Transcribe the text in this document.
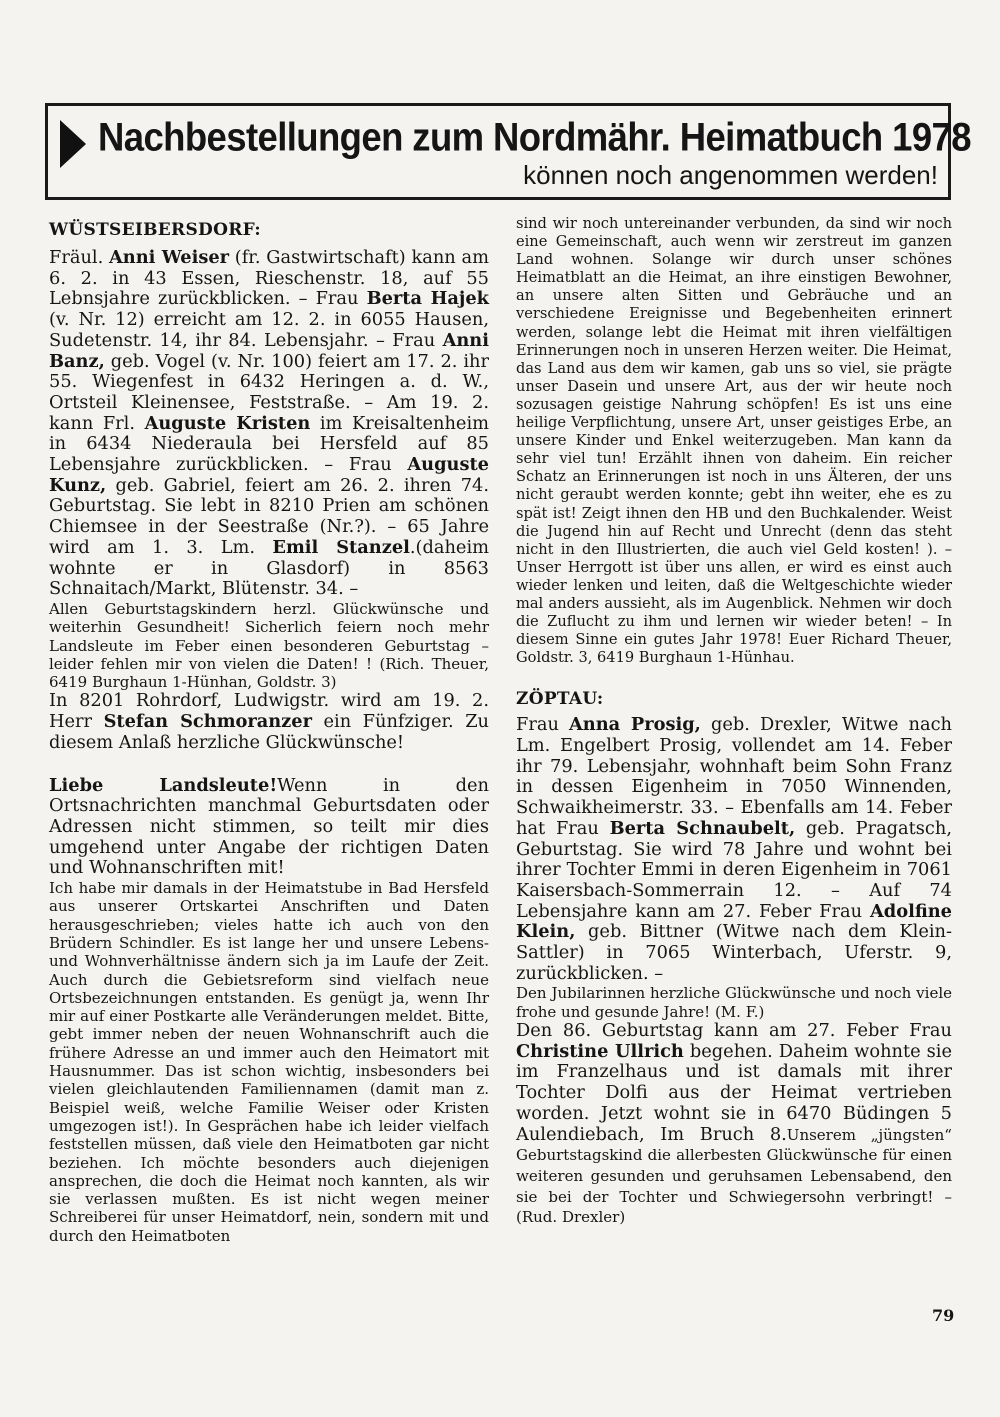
Nachbestellungen zum Nordmähr. Heimatbuch 1978
können noch angenommen werden!
WÜSTSEIBERSDORF:

Fräul. Anni Weiser (fr. Gastwirtschaft) kann am 6. 2. in 43 Essen, Rieschenstr. 18, auf 55 Lebnsjahre zurückblicken. – Frau Berta Hajek (v. Nr. 12) erreicht am 12. 2. in 6055 Hausen, Sudetenstr. 14, ihr 84. Lebensjahr. – Frau Anni Banz, geb. Vogel (v. Nr. 100) feiert am 17. 2. ihr 55. Wiegenfest in 6432 Heringen a. d. W., Ortsteil Kleinensee, Feststraße. – Am 19. 2. kann Frl. Auguste Kristen im Kreisaltenheim in 6434 Niederaula bei Hersfeld auf 85 Lebensjahre zurückblicken. – Frau Auguste Kunz, geb. Gabriel, feiert am 26. 2. ihren 74. Geburtstag. Sie lebt in 8210 Prien am schönen Chiemsee in der Seestraße (Nr.?). – 65 Jahre wird am 1. 3. Lm. Emil Stanzel.(daheim wohnte er in Glasdorf) in 8563 Schnaitach/Markt, Blütenstr. 34. –

Allen Geburtstagskindern herzl. Glückwünsche und weiterhin Gesundheit! Sicherlich feiern noch mehr Landsleute im Feber einen besonderen Geburtstag – leider fehlen mir von vielen die Daten! ! (Rich. Theuer, 6419 Burghaun 1-Hünhan, Goldstr. 3)

In 8201 Rohrdorf, Ludwigstr. wird am 19. 2. Herr Stefan Schmoranzer ein Fünfziger. Zu diesem Anlaß herzliche Glückwünsche!

Liebe Landsleute!Wenn in den Ortsnachrichten manchmal Geburtsdaten oder Adressen nicht stimmen, so teilt mir dies umgehend unter Angabe der richtigen Daten und Wohnanschriften mit!

Ich habe mir damals in der Heimatstube in Bad Hersfeld aus unserer Ortskartei Anschriften und Daten herausgeschrieben; vieles hatte ich auch von den Brüdern Schindler. Es ist lange her und unsere Lebens- und Wohnverhältnisse ändern sich ja im Laufe der Zeit. Auch durch die Gebietsreform sind vielfach neue Ortsbezeichnungen entstanden. Es genügt ja, wenn Ihr mir auf einer Postkarte alle Veränderungen meldet. Bitte, gebt immer neben der neuen Wohnanschrift auch die frühere Adresse an und immer auch den Heimatort mit Hausnummer. Das ist schon wichtig, insbesonders bei vielen gleichlautenden Familiennamen (damit man z. Beispiel weiß, welche Familie Weiser oder Kristen umgezogen ist!). In Gesprächen habe ich leider vielfach feststellen müssen, daß viele den Heimatboten gar nicht beziehen. Ich möchte besonders auch diejenigen ansprechen, die doch die Heimat noch kannten, als wir sie verlassen mußten. Es ist nicht wegen meiner Schreiberei für unser Heimatdorf, nein, sondern mit und durch den Heimatboten

sind wir noch untereinander verbunden, da sind wir noch eine Gemeinschaft, auch wenn wir zerstreut im ganzen Land wohnen. Solange wir durch unser schönes Heimatblatt an die Heimat, an ihre einstigen Bewohner, an unsere alten Sitten und Gebräuche und an verschiedene Ereignisse und Begebenheiten erinnert werden, solange lebt die Heimat mit ihren vielfältigen Erinnerungen noch in unseren Herzen weiter. Die Heimat, das Land aus dem wir kamen, gab uns so viel, sie prägte unser Dasein und unsere Art, aus der wir heute noch sozusagen geistige Nahrung schöpfen! Es ist uns eine heilige Verpflichtung, unsere Art, unser geistiges Erbe, an unsere Kinder und Enkel weiterzugeben. Man kann da sehr viel tun! Erzählt ihnen von daheim. Ein reicher Schatz an Erinnerungen ist noch in uns Älteren, der uns nicht geraubt werden konnte; gebt ihn weiter, ehe es zu spät ist! Zeigt ihnen den HB und den Buchkalender. Weist die Jugend hin auf Recht und Unrecht (denn das steht nicht in den Illustrierten, die auch viel Geld kosten! ). – Unser Herrgott ist über uns allen, er wird es einst auch wieder lenken und leiten, daß die Weltgeschichte wieder mal anders aussieht, als im Augenblick. Nehmen wir doch die Zuflucht zu ihm und lernen wir wieder beten! – In diesem Sinne ein gutes Jahr 1978! Euer Richard Theuer, Goldstr. 3, 6419 Burghaun 1-Hünhau.

ZÖPTAU:

Frau Anna Prosig, geb. Drexler, Witwe nach Lm. Engelbert Prosig, vollendet am 14. Feber ihr 79. Lebensjahr, wohnhaft beim Sohn Franz in dessen Eigenheim in 7050 Winnenden, Schwaikheimerstr. 33. – Ebenfalls am 14. Feber hat Frau Berta Schnaubelt, geb. Pragatsch, Geburtstag. Sie wird 78 Jahre und wohnt bei ihrer Tochter Emmi in deren Eigenheim in 7061 Kaisersbach-Sommerrain 12. – Auf 74 Lebensjahre kann am 27. Feber Frau Adolfine Klein, geb. Bittner (Witwe nach dem Klein-Sattler) in 7065 Winterbach, Uferstr. 9, zurückblicken. –

Den Jubilarinnen herzliche Glückwünsche und noch viele frohe und gesunde Jahre! (M. F.)

Den 86. Geburtstag kann am 27. Feber Frau Christine Ullrich begehen. Daheim wohnte sie im Franzelhaus und ist damals mit ihrer Tochter Dolfi aus der Heimat vertrieben worden. Jetzt wohnt sie in 6470 Büdingen 5 Aulendiebach, Im Bruch 8.Unserem „jüngsten“ Geburtstagskind die allerbesten Glückwünsche für einen weiteren gesunden und geruhsamen Lebensabend, den sie bei der Tochter und Schwiegersohn verbringt! – (Rud. Drexler)

79
